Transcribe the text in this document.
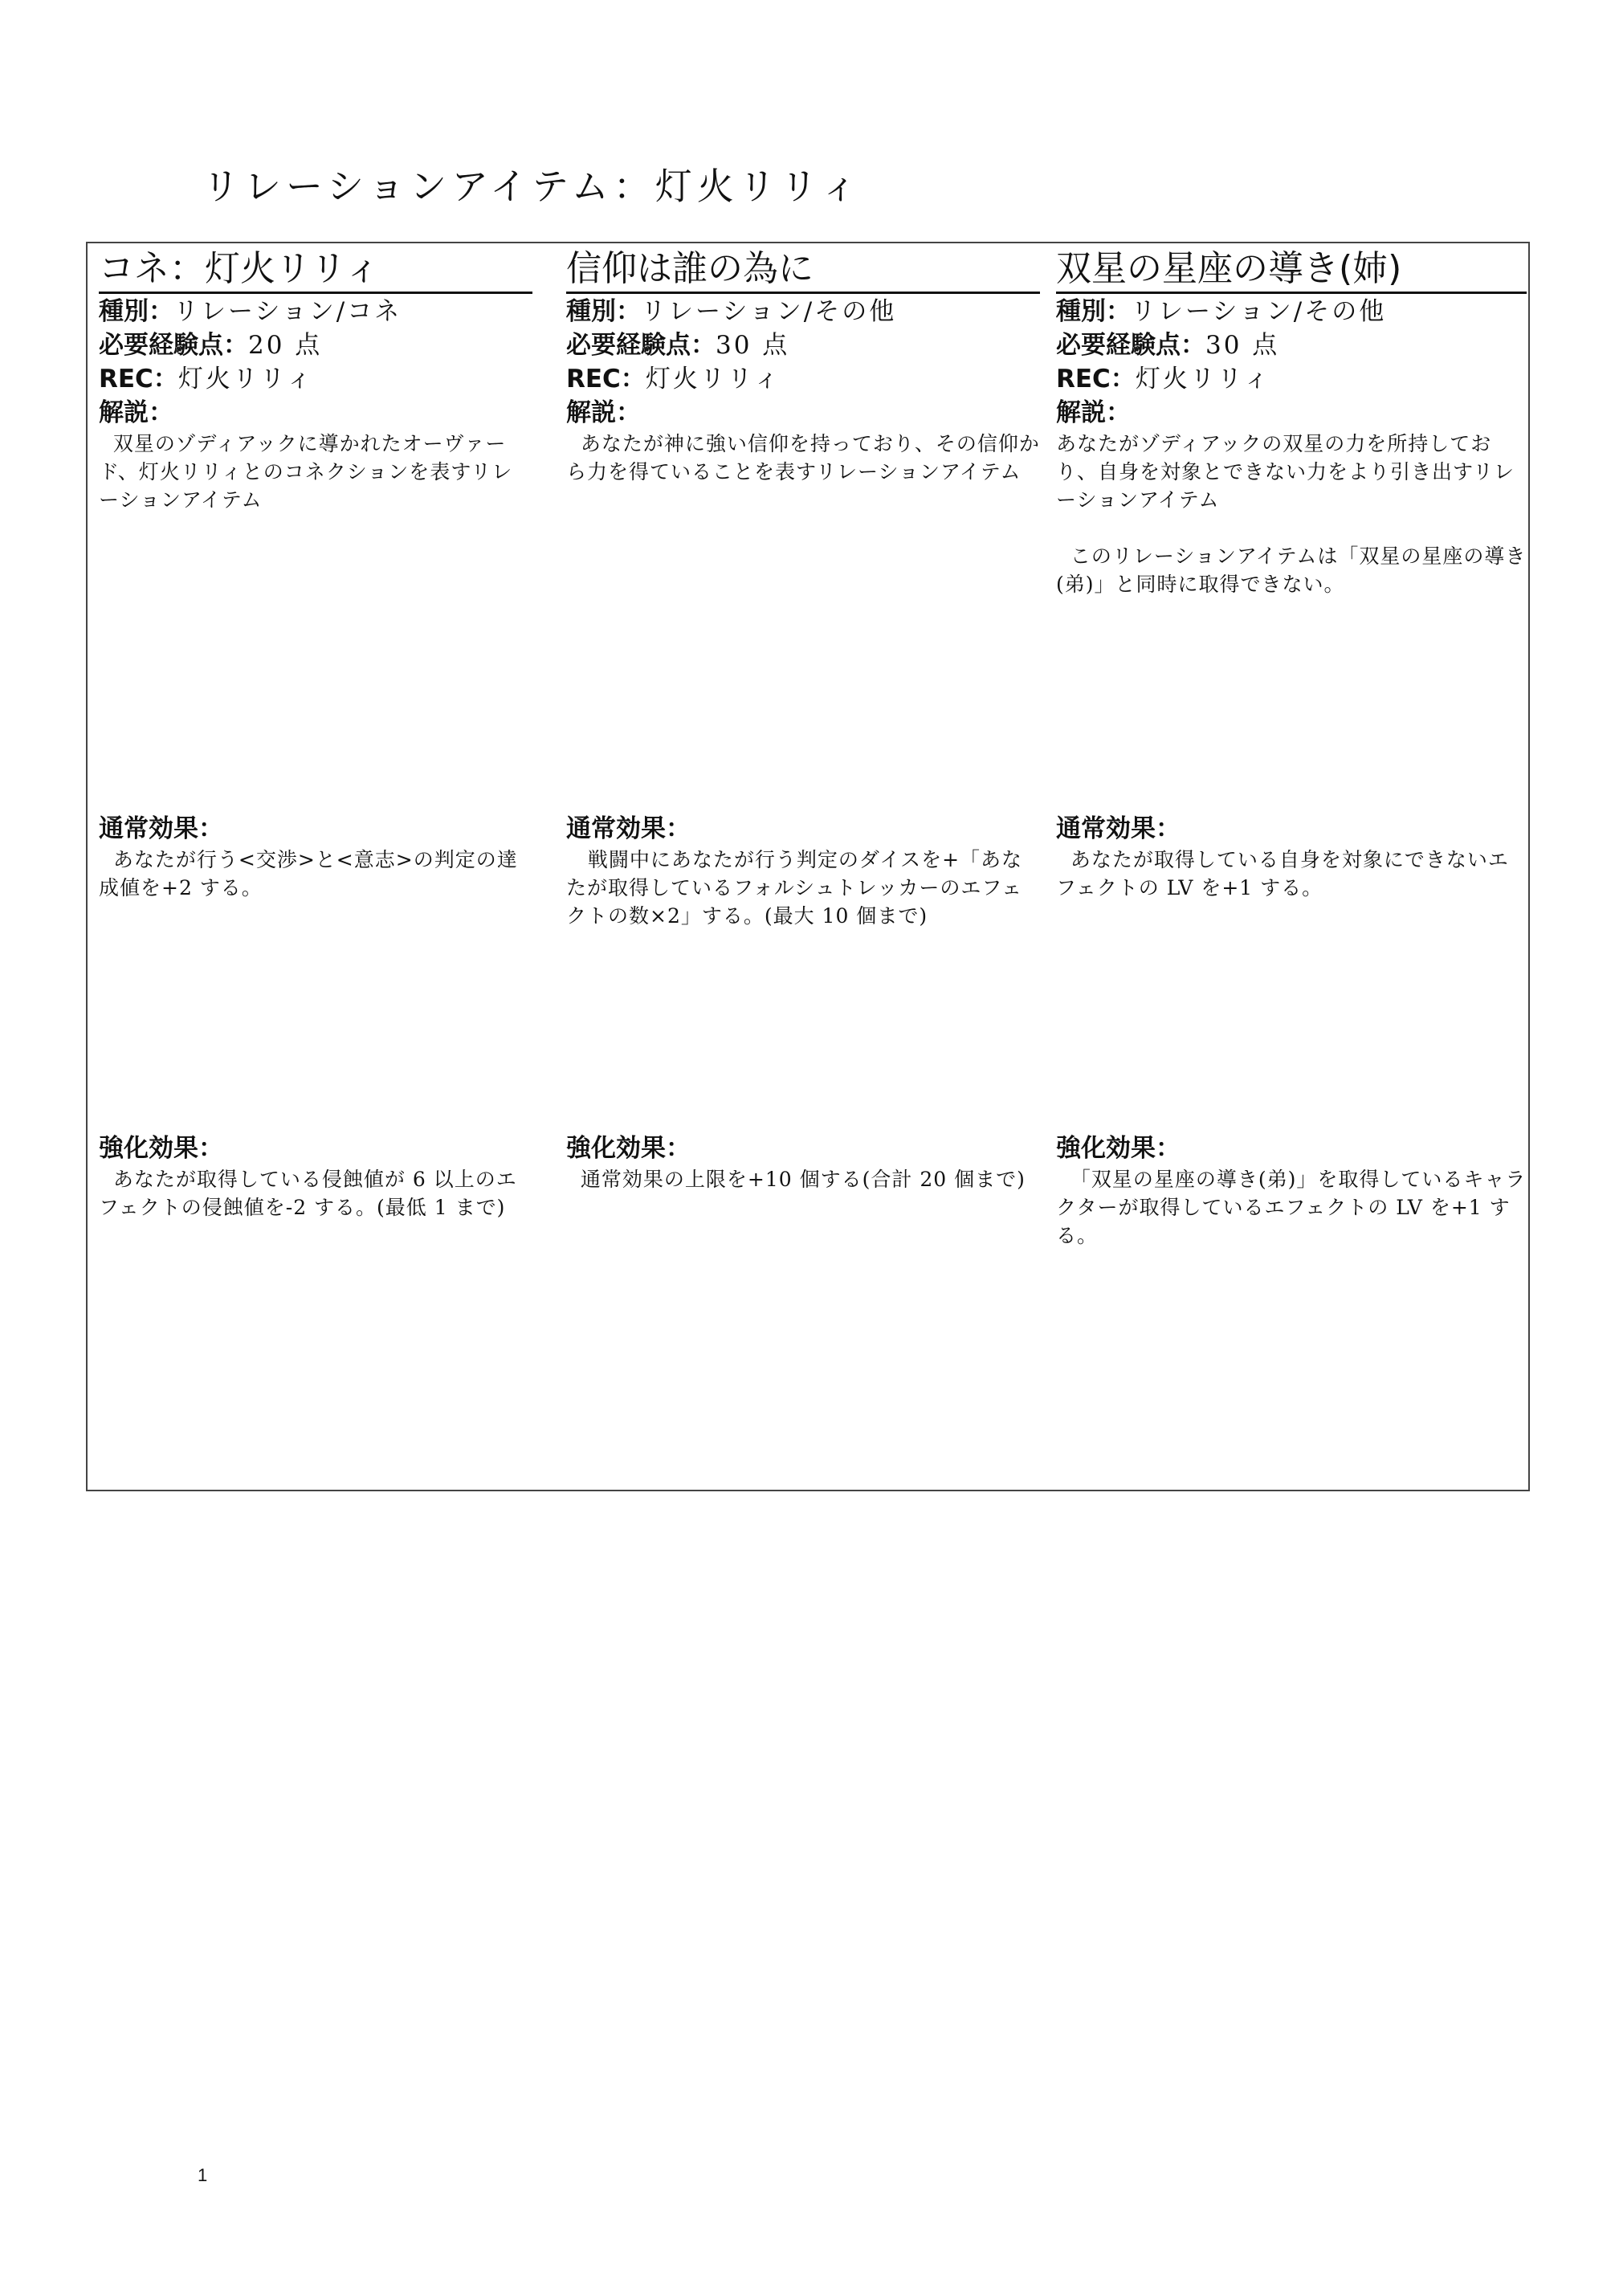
リレーションアイテム：灯火リリィ
コネ：灯火リリィ
種別：リレーション/コネ
必要経験点：20 点
REC：灯火リリィ
解説：
双星のゾディアックに導かれたオーヴァード、灯火リリィとのコネクションを表すリレーションアイテム
通常効果：
あなたが行う<交渉>と<意志>の判定の達成値を+2 する。
強化効果：
あなたが取得している侵蝕値が 6 以上のエフェクトの侵蝕値を-2 する。(最低 1 まで)
信仰は誰の為に
種別：リレーション/その他
必要経験点：30 点
REC：灯火リリィ
解説：
あなたが神に強い信仰を持っており、その信仰から力を得ていることを表すリレーションアイテム
通常効果：
戦闘中にあなたが行う判定のダイスを+「あなたが取得しているフォルシュトレッカーのエフェクトの数×2」する。(最大 10 個まで)
強化効果：
通常効果の上限を+10 個する(合計 20 個まで)
双星の星座の導き(姉)
種別：リレーション/その他
必要経験点：30 点
REC：灯火リリィ
解説：
あなたがゾディアックの双星の力を所持しており、自身を対象とできない力をより引き出すリレーションアイテム

このリレーションアイテムは「双星の星座の導き(弟)」と同時に取得できない。
通常効果：
あなたが取得している自身を対象にできないエフェクトの LV を+1 する。
強化効果：
「双星の星座の導き(弟)」を取得しているキャラクターが取得しているエフェクトの LV を+1 する。
1
